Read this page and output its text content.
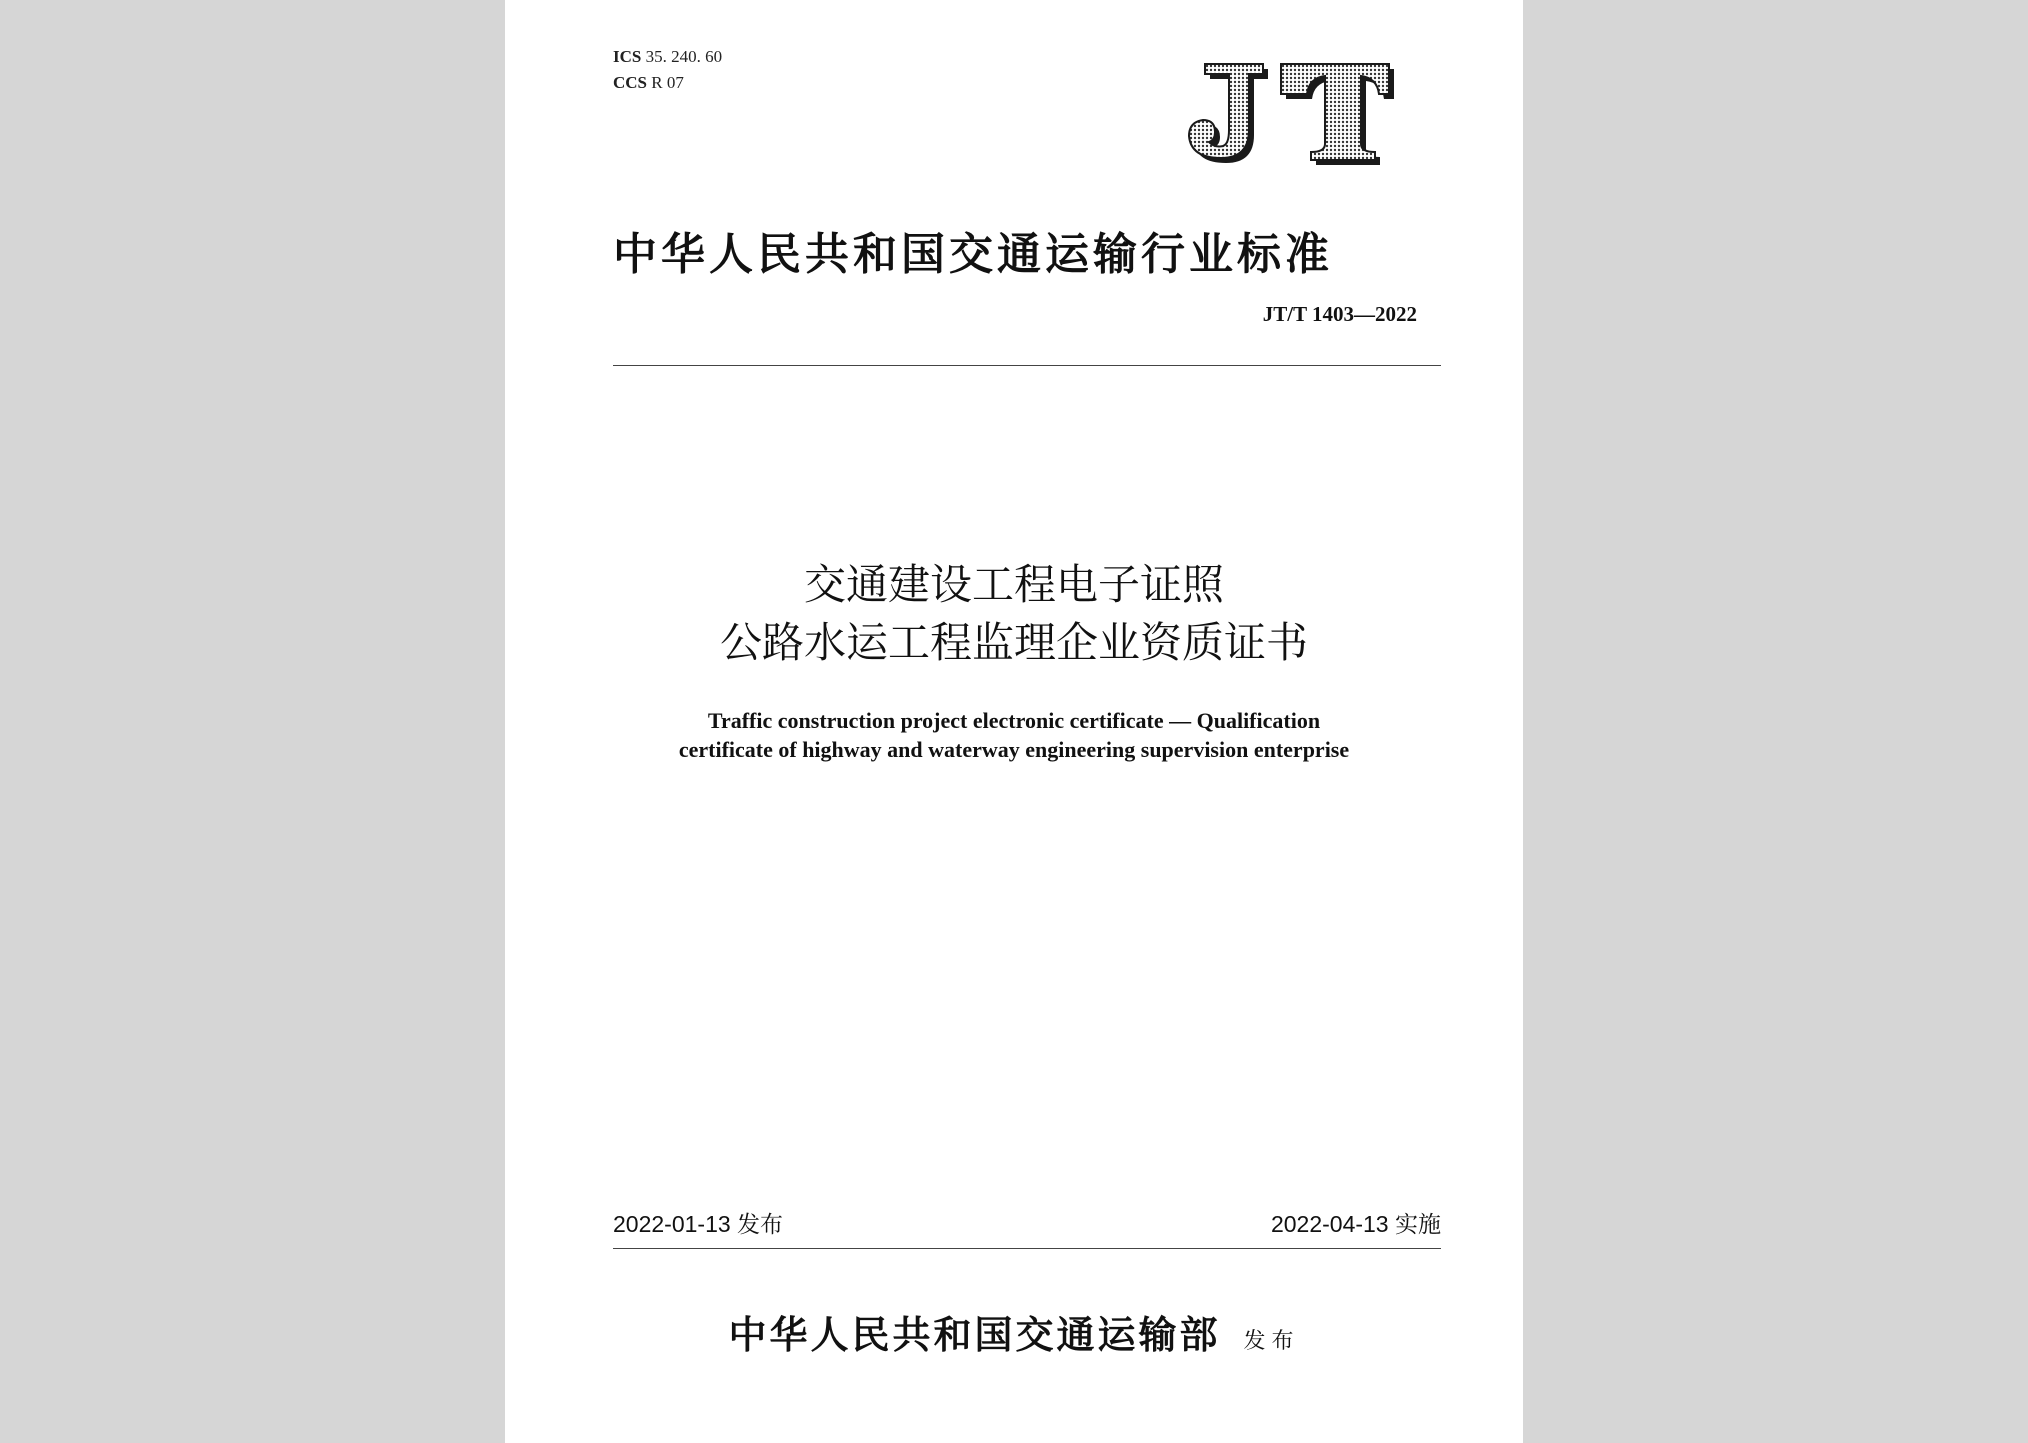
ICS 35. 240. 60
CCS R 07
中华人民共和国交通运输行业标准
JT/T 1403—2022
交通建设工程电子证照
公路水运工程监理企业资质证书
Traffic construction project electronic certificate — Qualification
certificate of highway and waterway engineering supervision enterprise
2022-01-13 发布	2022-04-13 实施
中华人民共和国交通运输部 发布
